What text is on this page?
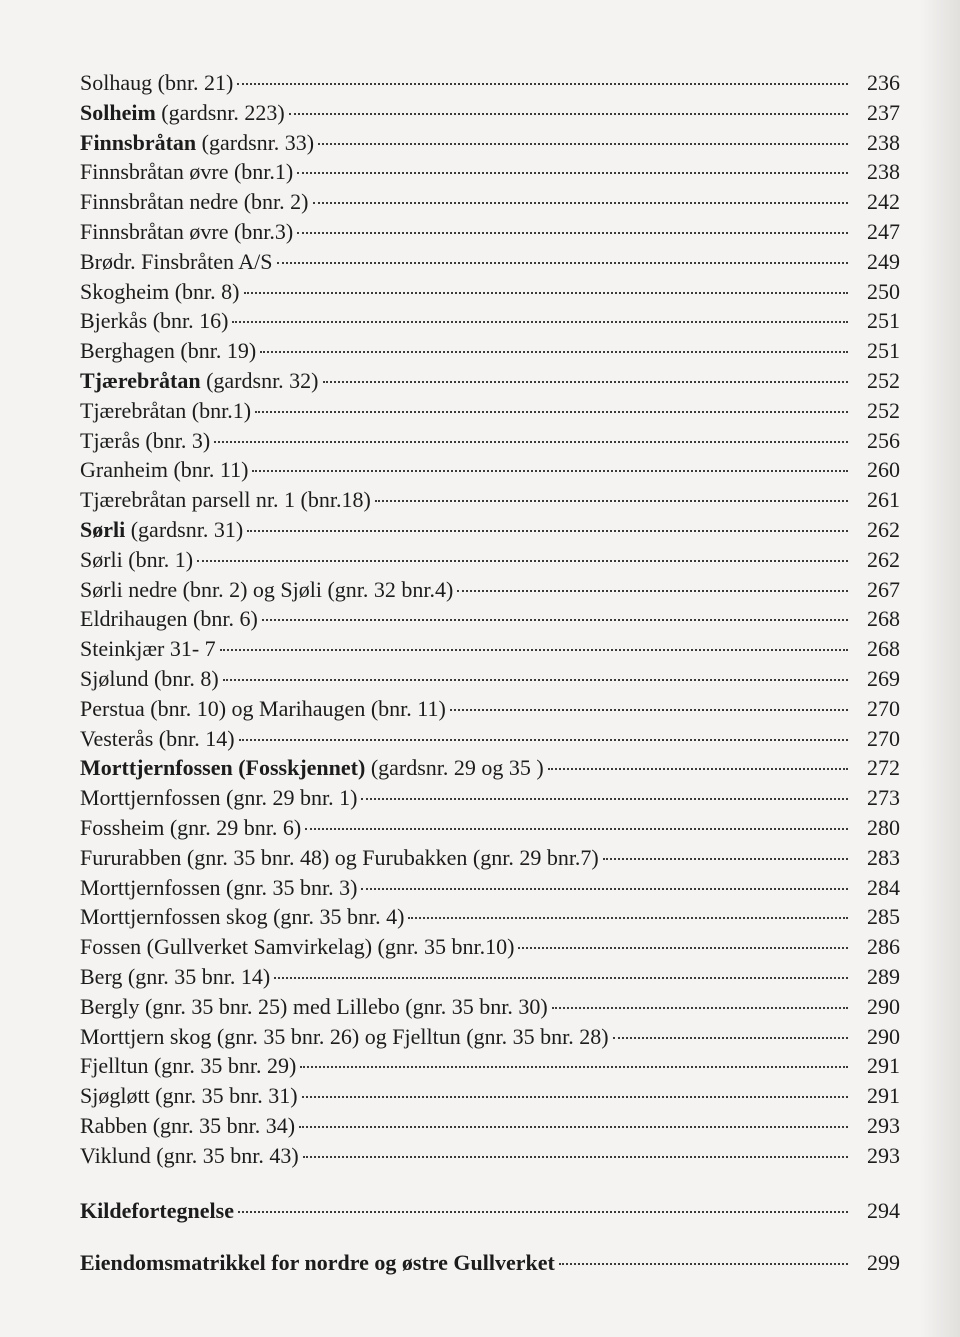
Solhaug (bnr. 21)	236
Solheim (gardsnr. 223)	237
Finnsbråtan (gardsnr. 33)	238
Finnsbråtan øvre (bnr.1)	238
Finnsbråtan nedre (bnr. 2)	242
Finnsbråtan øvre (bnr.3)	247
Brødr. Finsbråten A/S	249
Skogheim (bnr. 8)	250
Bjerkås (bnr. 16)	251
Berghagen (bnr. 19)	251
Tjærebråtan (gardsnr. 32)	252
Tjærebråtan (bnr.1)	252
Tjærås (bnr. 3)	256
Granheim (bnr. 11)	260
Tjærebråtan parsell nr. 1 (bnr.18)	261
Sørli (gardsnr. 31)	262
Sørli (bnr. 1)	262
Sørli nedre (bnr. 2) og Sjøli (gnr. 32 bnr.4)	267
Eldrihaugen (bnr. 6)	268
Steinkjær 31- 7	268
Sjølund (bnr. 8)	269
Perstua (bnr. 10) og Marihaugen (bnr. 11)	270
Vesterås (bnr. 14)	270
Morttjernfossen (Fosskjennet) (gardsnr. 29 og 35 )	272
Morttjernfossen (gnr. 29 bnr. 1)	273
Fossheim (gnr. 29 bnr. 6)	280
Fururabben (gnr. 35 bnr. 48) og Furubakken (gnr. 29 bnr.7)	283
Morttjernfossen (gnr. 35 bnr. 3)	284
Morttjernfossen skog (gnr. 35 bnr. 4)	285
Fossen (Gullverket Samvirkelag) (gnr. 35 bnr.10)	286
Berg (gnr. 35 bnr. 14)	289
Bergly (gnr. 35 bnr. 25) med Lillebo (gnr. 35 bnr. 30)	290
Morttjern skog (gnr. 35 bnr. 26) og Fjelltun (gnr. 35 bnr. 28)	290
Fjelltun (gnr. 35 bnr. 29)	291
Sjøgløtt (gnr. 35 bnr. 31)	291
Rabben (gnr. 35 bnr. 34)	293
Viklund (gnr. 35 bnr. 43)	293
Kildefortegnelse	294
Eiendomsmatrikkel for nordre og østre Gullverket	299
